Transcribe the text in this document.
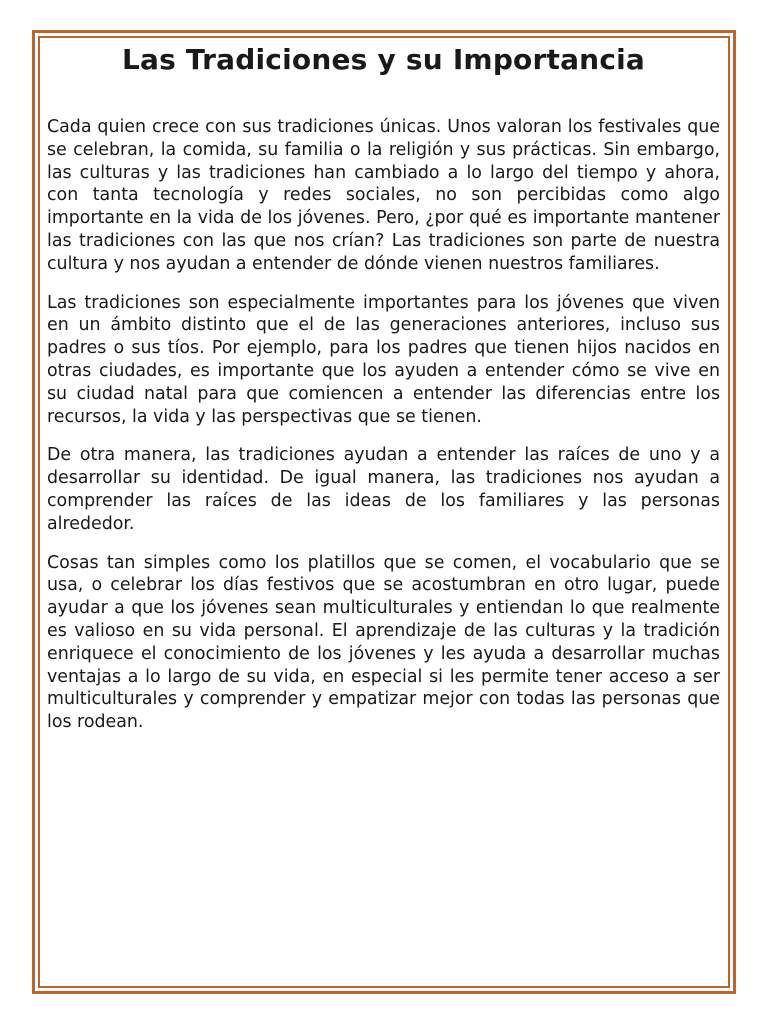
Las Tradiciones y su Importancia

Cada quien crece con sus tradiciones únicas. Unos valoran los festivales que se celebran, la comida, su familia o la religión y sus prácticas. Sin embargo, las culturas y las tradiciones han cambiado a lo largo del tiempo y ahora, con tanta tecnología y redes sociales, no son percibidas como algo importante en la vida de los jóvenes. Pero, ¿por qué es importante mantener las tradiciones con las que nos crían? Las tradiciones son parte de nuestra cultura y nos ayudan a entender de dónde vienen nuestros familiares.

Las tradiciones son especialmente importantes para los jóvenes que viven en un ámbito distinto que el de las generaciones anteriores, incluso sus padres o sus tíos. Por ejemplo, para los padres que tienen hijos nacidos en otras ciudades, es importante que los ayuden a entender cómo se vive en su ciudad natal para que comiencen a entender las diferencias entre los recursos, la vida y las perspectivas que se tienen.

De otra manera, las tradiciones ayudan a entender las raíces de uno y a desarrollar su identidad. De igual manera, las tradiciones nos ayudan a comprender las raíces de las ideas de los familiares y las personas alrededor.

Cosas tan simples como los platillos que se comen, el vocabulario que se usa, o celebrar los días festivos que se acostumbran en otro lugar, puede ayudar a que los jóvenes sean multiculturales y entiendan lo que realmente es valioso en su vida personal. El aprendizaje de las culturas y la tradición enriquece el conocimiento de los jóvenes y les ayuda a desarrollar muchas ventajas a lo largo de su vida, en especial si les permite tener acceso a ser multiculturales y comprender y empatizar mejor con todas las personas que los rodean.
